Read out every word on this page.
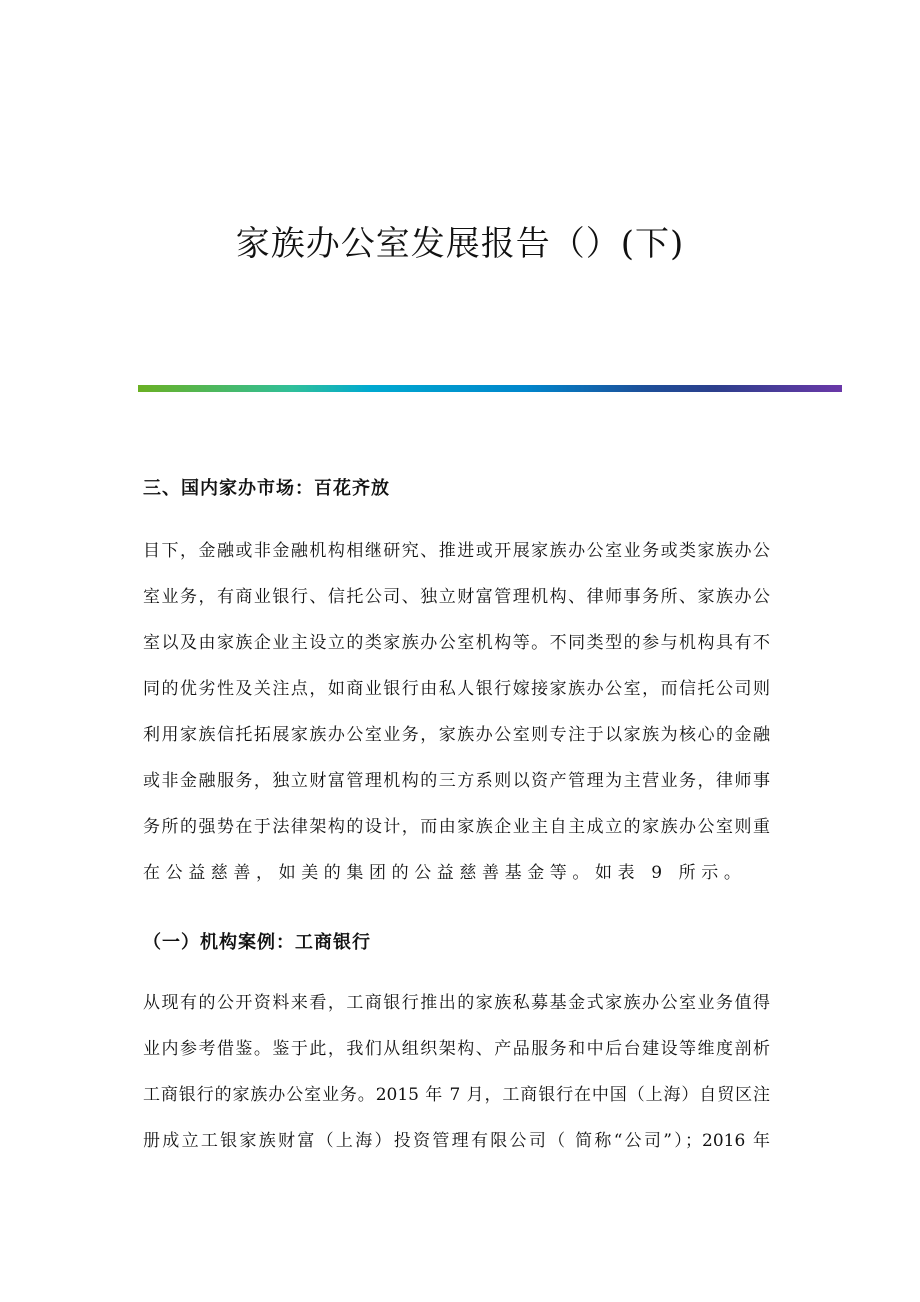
家族办公室发展报告（）(下)
三、国内家办市场：百花齐放
目下，金融或非金融机构相继研究、推进或开展家族办公室业务或类家族办公
室业务，有商业银行、信托公司、独立财富管理机构、律师事务所、家族办公
室以及由家族企业主设立的类家族办公室机构等。不同类型的参与机构具有不
同的优劣性及关注点，如商业银行由私人银行嫁接家族办公室，而信托公司则
利用家族信托拓展家族办公室业务，家族办公室则专注于以家族为核心的金融
或非金融服务，独立财富管理机构的三方系则以资产管理为主营业务，律师事
务所的强势在于法律架构的设计，而由家族企业主自主成立的家族办公室则重
在公益慈善，如美的集团的公益慈善基金等。如表 9 所示。
（一）机构案例：工商银行
从现有的公开资料来看，工商银行推出的家族私募基金式家族办公室业务值得
业内参考借鉴。鉴于此，我们从组织架构、产品服务和中后台建设等维度剖析
工商银行的家族办公室业务。2015 年 7 月，工商银行在中国（上海）自贸区注
册成立工银家族财富（上海）投资管理有限公司（ 简称“公司”）；2016 年
